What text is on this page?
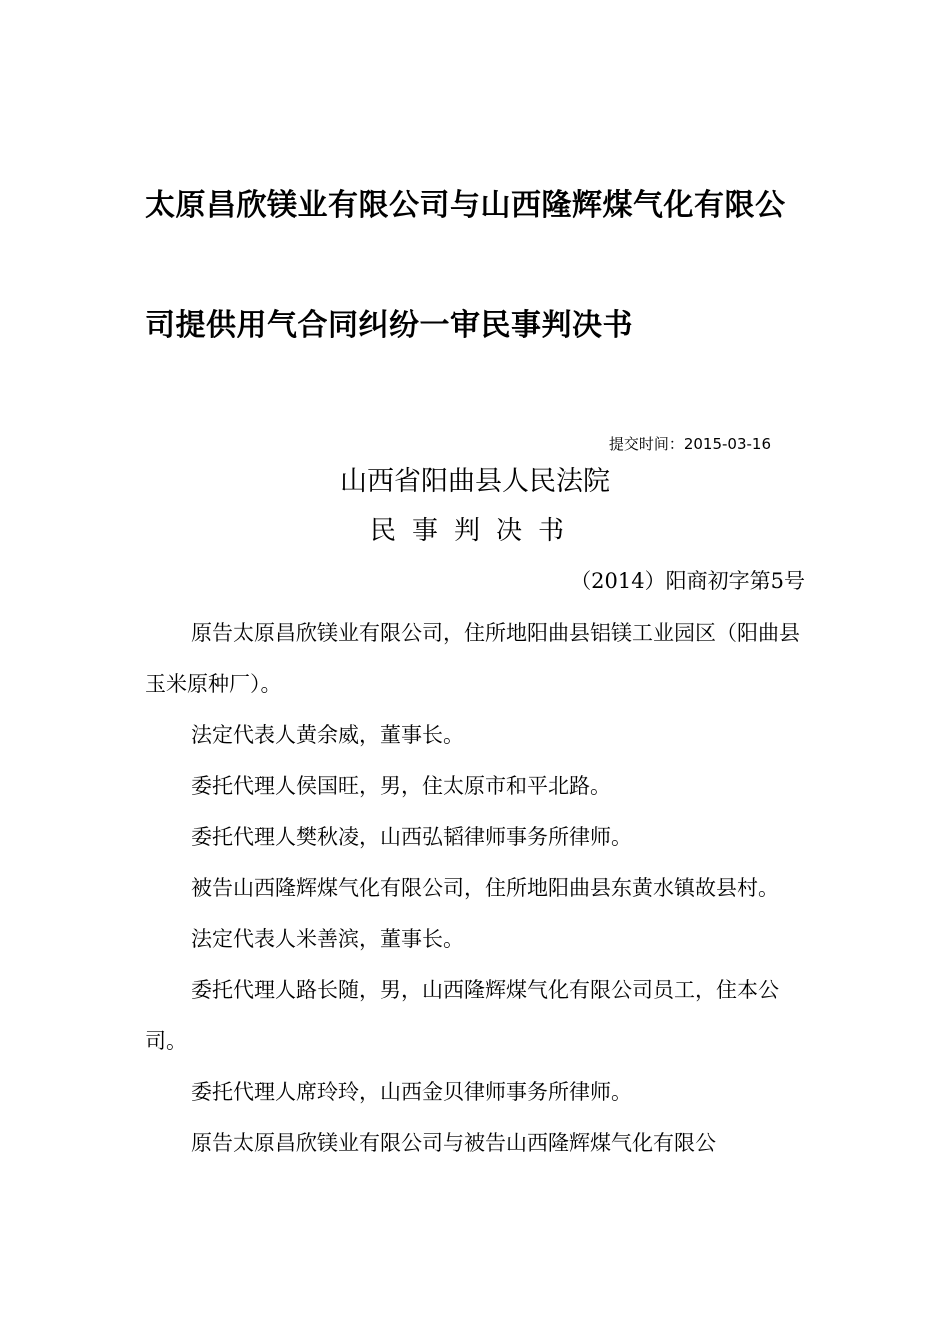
太原昌欣镁业有限公司与山西隆辉煤气化有限公
司提供用气合同纠纷一审民事判决书
提交时间：2015-03-16
山西省阳曲县人民法院
民事判决书
（2014）阳商初字第5号

原告太原昌欣镁业有限公司，住所地阳曲县铝镁工业园区（阳曲县玉米原种厂）。

法定代表人黄余威，董事长。

委托代理人侯国旺，男，住太原市和平北路。

委托代理人樊秋凌，山西弘韬律师事务所律师。

被告山西隆辉煤气化有限公司，住所地阳曲县东黄水镇故县村。

法定代表人米善滨，董事长。

委托代理人路长随，男，山西隆辉煤气化有限公司员工，住本公司。

委托代理人席玲玲，山西金贝律师事务所律师。

原告太原昌欣镁业有限公司与被告山西隆辉煤气化有限公
